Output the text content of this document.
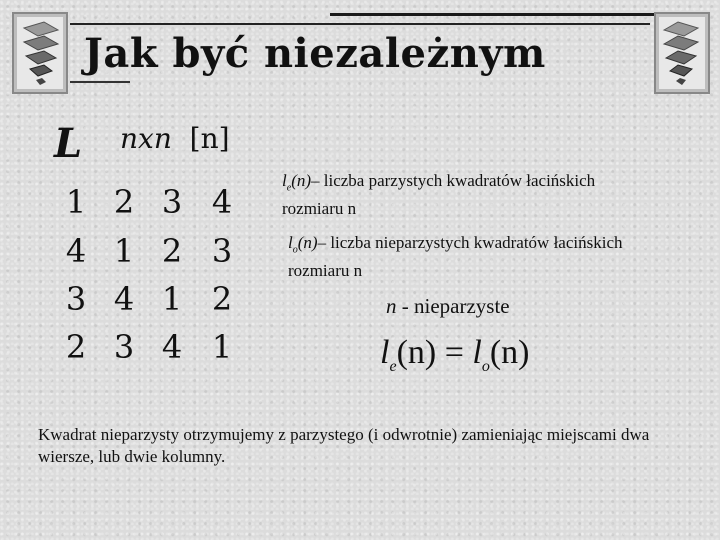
Jak być niezależnym
L nxn [n]
1 2 3 4
4 1 2 3
3 4 1 2
2 3 4 1
$l_e(n)-$ liczba parzystych kwadratów łacińskich
rozmiaru n
$l_o(n)-$ liczba nieparzystych kwadratów łacińskich
rozmiaru n
n - nieparzyste
$l_e(n) = l_o(n)$
Kwadrat nieparzysty otrzymujemy z parzystego (i odwrotnie) zamieniając miejscami dwa wiersze, lub dwie kolumny.
